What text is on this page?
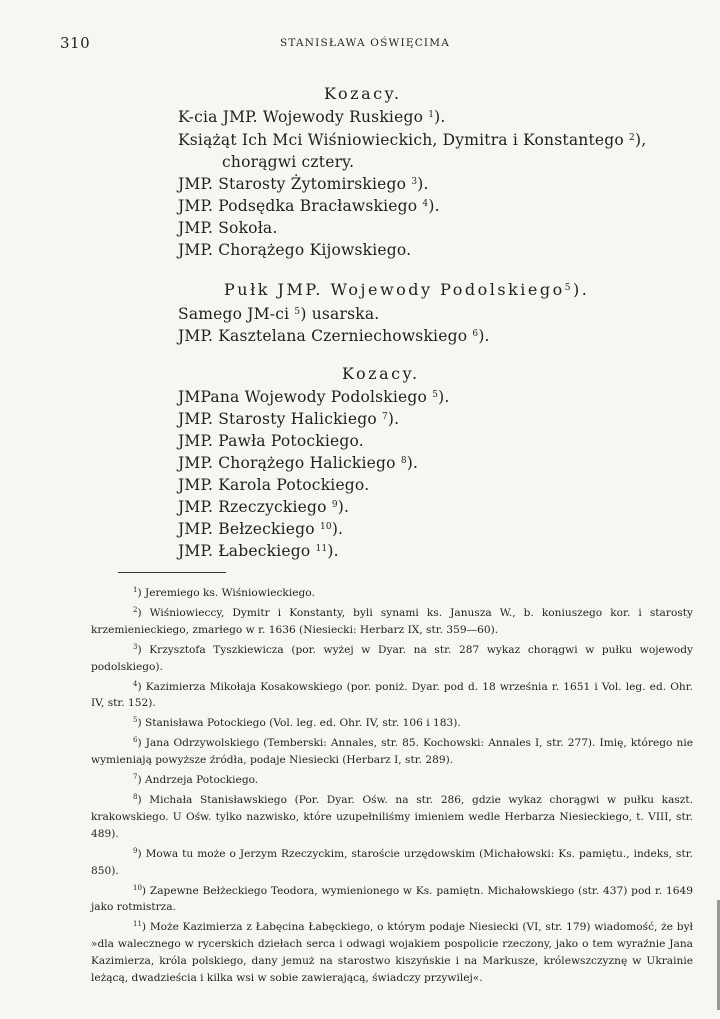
310	STANISŁAWA OŚWIĘCIMA
Kozacy.
K-cia JMP. Wojewody Ruskiego $^1$).
Książąt Ich Mci Wiśniowieckich, Dymitra i Konstantego $^2$),
chorągwi cztery.
JMP. Starosty Żytomirskiego $^3$).
JMP. Podsędka Bracławskiego $^4$).
JMP. Sokoła.
JMP. Chorążego Kijowskiego.
Pułk JMP. Wojewody Podolskiego$^5$).
Samego JM-ci $^5$) usarska.
JMP. Kasztelana Czerniechowskiego $^6$).
Kozacy.
JMPana Wojewody Podolskiego $^5$).
JMP. Starosty Halickiego $^7$).
JMP. Pawła Potockiego.
JMP. Chorążego Halickiego $^8$).
JMP. Karola Potockiego.
JMP. Rzeczyckiego $^9$).
JMP. Bełzeckiego $^{10}$).
JMP. Łabeckiego $^{11}$).

$^1$) Jeremiego ks. Wiśniowieckiego.

$^2$) Wiśniowieccy, Dymitr i Konstanty, byli synami ks. Janusza W., b. koniuszego kor. i starosty krzemienieckiego, zmarłego w r. 1636 (Niesiecki: Herbarz IX, str. 359—60).

$^3$) Krzysztofa Tyszkiewicza (por. wyżej w Dyar. na str. 287 wykaz chorągwi w pułku wojewody podolskiego).

$^4$) Kazimierza Mikołaja Kosakowskiego (por. poniż. Dyar. pod d. 18 września r. 1651 i Vol. leg. ed. Ohr. IV, str. 152).

$^5$) Stanisława Potockiego (Vol. leg. ed. Ohr. IV, str. 106 i 183).

$^6$) Jana Odrzywolskiego (Temberski: Annales, str. 85. Kochowski: Annales I, str. 277). Imię, którego nie wymieniają powyższe źródła, podaje Niesiecki (Herbarz I, str. 289).

$^7$) Andrzeja Potockiego.

$^8$) Michała Stanisławskiego (Por. Dyar. Ośw. na str. 286, gdzie wykaz chorągwi w pułku kaszt. krakowskiego. U Ośw. tylko nazwisko, które uzupełniliśmy imieniem wedle Herbarza Niesieckiego, t. VIII, str. 489).

$^9$) Mowa tu może o Jerzym Rzeczyckim, staroście urzędowskim (Michałowski: Ks. pamiętu., indeks, str. 850).

$^{10}$) Zapewne Bełżeckiego Teodora, wymienionego w Ks. pamiętn. Michałowskiego (str. 437) pod r. 1649 jako rotmistrza.

$^{11}$) Może Kazimierza z Łabęcina Łabęckiego, o którym podaje Niesiecki (VI, str. 179) wiadomość, że był »dla walecznego w rycerskich dziełach serca i odwagi wojakiem pospolicie rzeczony, jako o tem wyraźnie Jana Kazimierza, króla polskiego, dany jemuż na starostwo kiszyńskie i na Markusze, królewszczyznę w Ukrainie leżącą, dwadzieścia i kilka wsi w sobie zawierającą, świadczy przywilej«.
